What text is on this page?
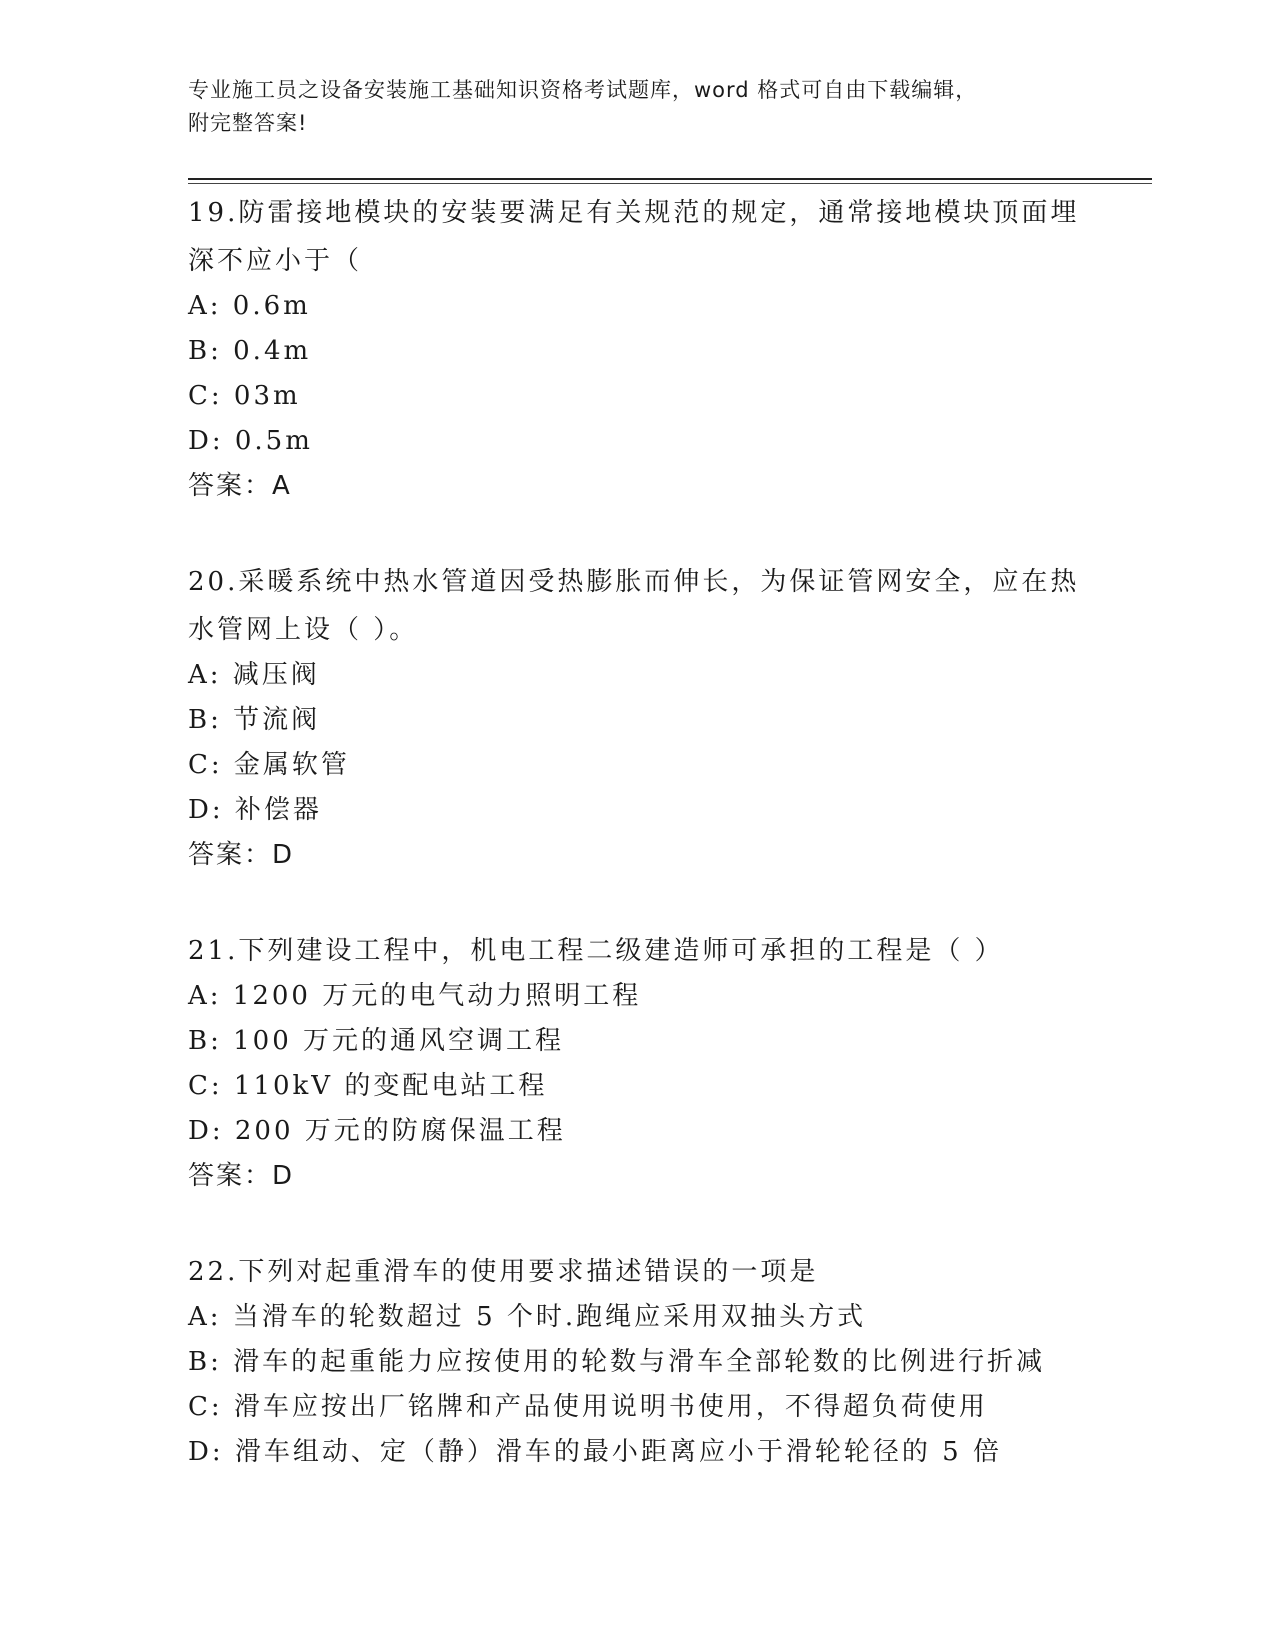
专业施工员之设备安装施工基础知识资格考试题库，word 格式可自由下载编辑，
附完整答案!
19.防雷接地模块的安装要满足有关规范的规定，通常接地模块顶面埋
深不应小于（
A: 0.6m
B: 0.4m
C: 03m
D: 0.5m
答案：A
20.采暖系统中热水管道因受热膨胀而伸长，为保证管网安全，应在热
水管网上设（ ）。
A: 减压阀
B: 节流阀
C: 金属软管
D: 补偿器
答案：D
21.下列建设工程中，机电工程二级建造师可承担的工程是（ ）
A: 1200 万元的电气动力照明工程
B: 100 万元的通风空调工程
C: 110kV 的变配电站工程
D: 200 万元的防腐保温工程
答案：D
22.下列对起重滑车的使用要求描述错误的一项是
A: 当滑车的轮数超过 5 个时.跑绳应采用双抽头方式
B: 滑车的起重能力应按使用的轮数与滑车全部轮数的比例进行折减
C: 滑车应按出厂铭牌和产品使用说明书使用，不得超负荷使用
D: 滑车组动、定（静）滑车的最小距离应小于滑轮轮径的 5 倍
